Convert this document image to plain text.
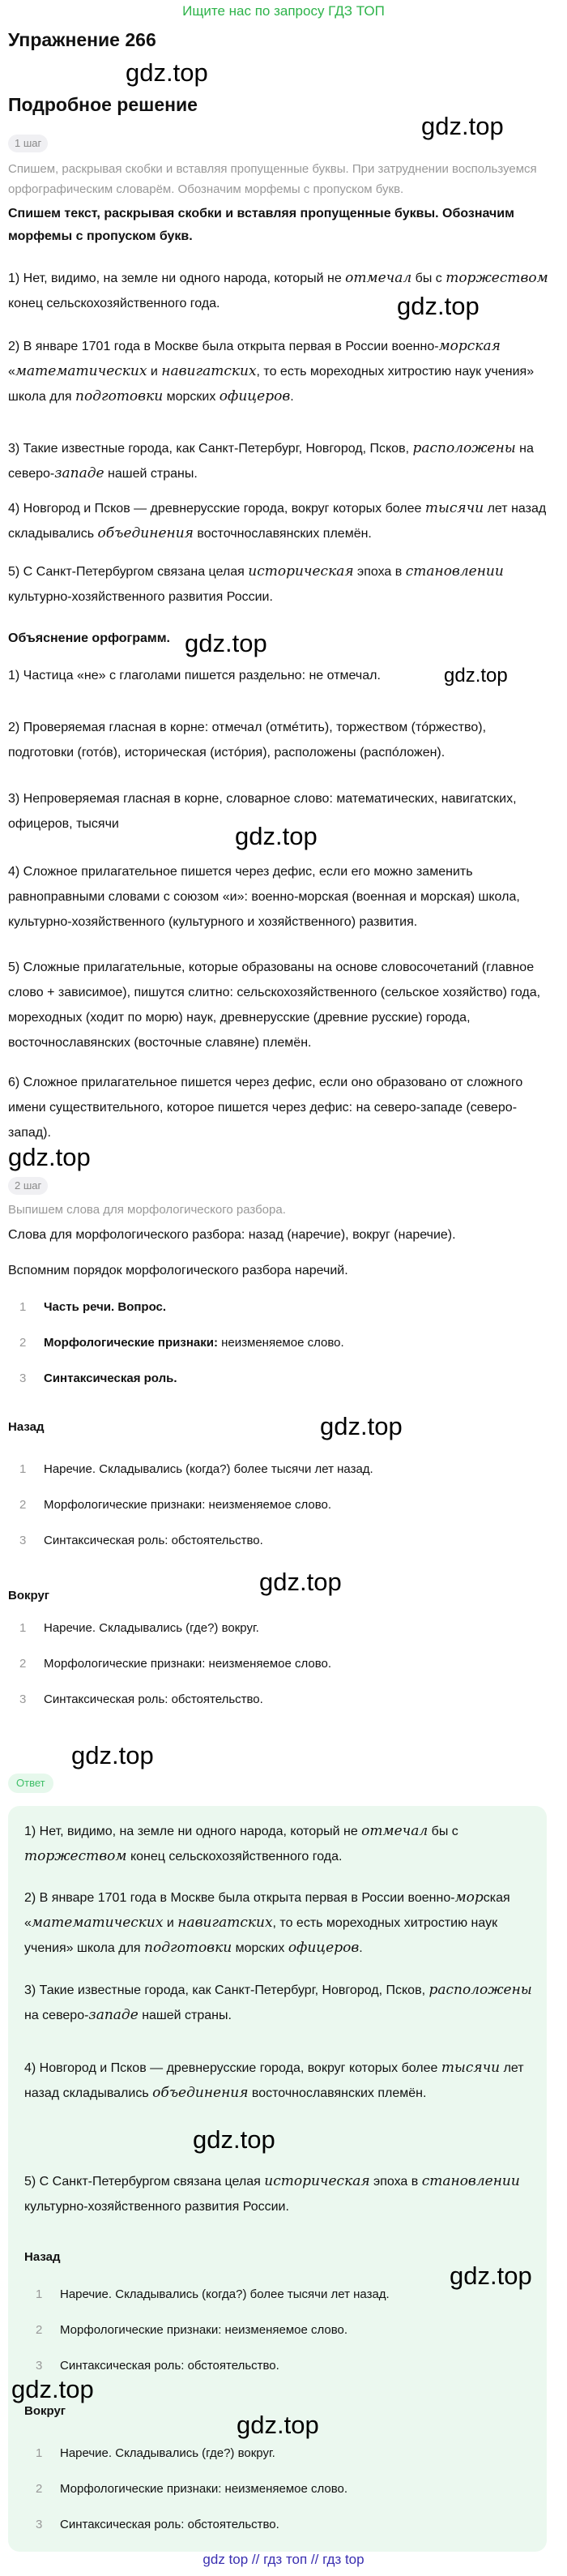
Ищите нас по запросу ГДЗ ТОП
Упражнение 266
gdz.top
Подробное решение
gdz.top
1 шаг
Спишем, раскрывая скобки и вставляя пропущенные буквы. При затруднении воспользуемся орфографическим словарём. Обозначим морфемы с пропуском букв.
Спишем текст, раскрывая скобки и вставляя пропущенные буквы. Обозначим морфемы с пропуском букв.
1) Нет, видимо, на земле ни одного народа, который не отмечал бы с торжеством конец сельскохозяйственного года.	gdz.top
2) В январе 1701 года в Москве была открыта первая в России военно-морская «математических и навигатских, то есть мореходных хитростию наук учения» школа для подготовки морских офицеров.
3) Такие известные города, как Санкт-Петербург, Новгород, Псков, расположены на северо-западе нашей страны.
4) Новгород и Псков — древнерусские города, вокруг которых более тысячи лет назад складывались объединения восточнославянских племён.
5) С Санкт-Петербургом связана целая историческая эпоха в становлении культурно-хозяйственного развития России.
Объяснение орфограмм. gdz.top
gdz.top
1) Частица «не» с глаголами пишется раздельно: не отмечал.
2) Проверяемая гласная в корне: отмечал (отмéтить), торжеством (тóржество), подготовки (готóв), историческая (истóрия), расположены (распóложен).
3) Непроверяемая гласная в корне, словарное слово: математических, навигатских, офицеров, тысячи	gdz.top
4) Сложное прилагательное пишется через дефис, если его можно заменить равноправными словами с союзом «и»: военно-морская (военная и морская) школа, культурно-хозяйственного (культурного и хозяйственного) развития.
5) Сложные прилагательные, которые образованы на основе словосочетаний (главное слово + зависимое), пишутся слитно: сельскохозяйственного (сельское хозяйство) года, мореходных (ходит по морю) наук, древнерусские (древние русские) города, восточнославянских (восточные славяне) племён.
6) Сложное прилагательное пишется через дефис, если оно образовано от сложного имени существительного, которое пишется через дефис: на северо-западе (северо-запад).
gdz.top
2 шаг
Выпишем слова для морфологического разбора.
Слова для морфологического разбора: назад (наречие), вокруг (наречие).
Вспомним порядок морфологического разбора наречий.
1 Часть речи. Вопрос.
2 Морфологические признаки: неизменяемое слово.
3 Синтаксическая роль.
Назад	gdz.top
1 Наречие. Складывались (когда?) более тысячи лет назад.
2 Морфологические признаки: неизменяемое слово.
3 Синтаксическая роль: обстоятельство.
Вокруг	gdz.top
1 Наречие. Складывались (где?) вокруг.
2 Морфологические признаки: неизменяемое слово.
3 Синтаксическая роль: обстоятельство.
Ответ
gdz.top
1) Нет, видимо, на земле ни одного народа, который не отмечал бы с торжеством конец сельскохозяйственного года.
2) В январе 1701 года в Москве была открыта первая в России военно-морская «математических и навигатских, то есть мореходных хитростию наук учения» школа для подготовки морских офицеров.
3) Такие известные города, как Санкт-Петербург, Новгород, Псков, расположены на северо-западе нашей страны.
4) Новгород и Псков — древнерусские города, вокруг которых более тысячи лет назад складывались объединения восточнославянских племён.
gdz.top
5) С Санкт-Петербургом связана целая историческая эпоха в становлении культурно-хозяйственного развития России.
Назад
gdz.top
1 Наречие. Складывались (когда?) более тысячи лет назад.
2 Морфологические признаки: неизменяемое слово.
3 Синтаксическая роль: обстоятельство.
gdz.top
Вокруг	gdz.top
1 Наречие. Складывались (где?) вокруг.
2 Морфологические признаки: неизменяемое слово.
3 Синтаксическая роль: обстоятельство.
gdz top // гдз топ // гдз top
